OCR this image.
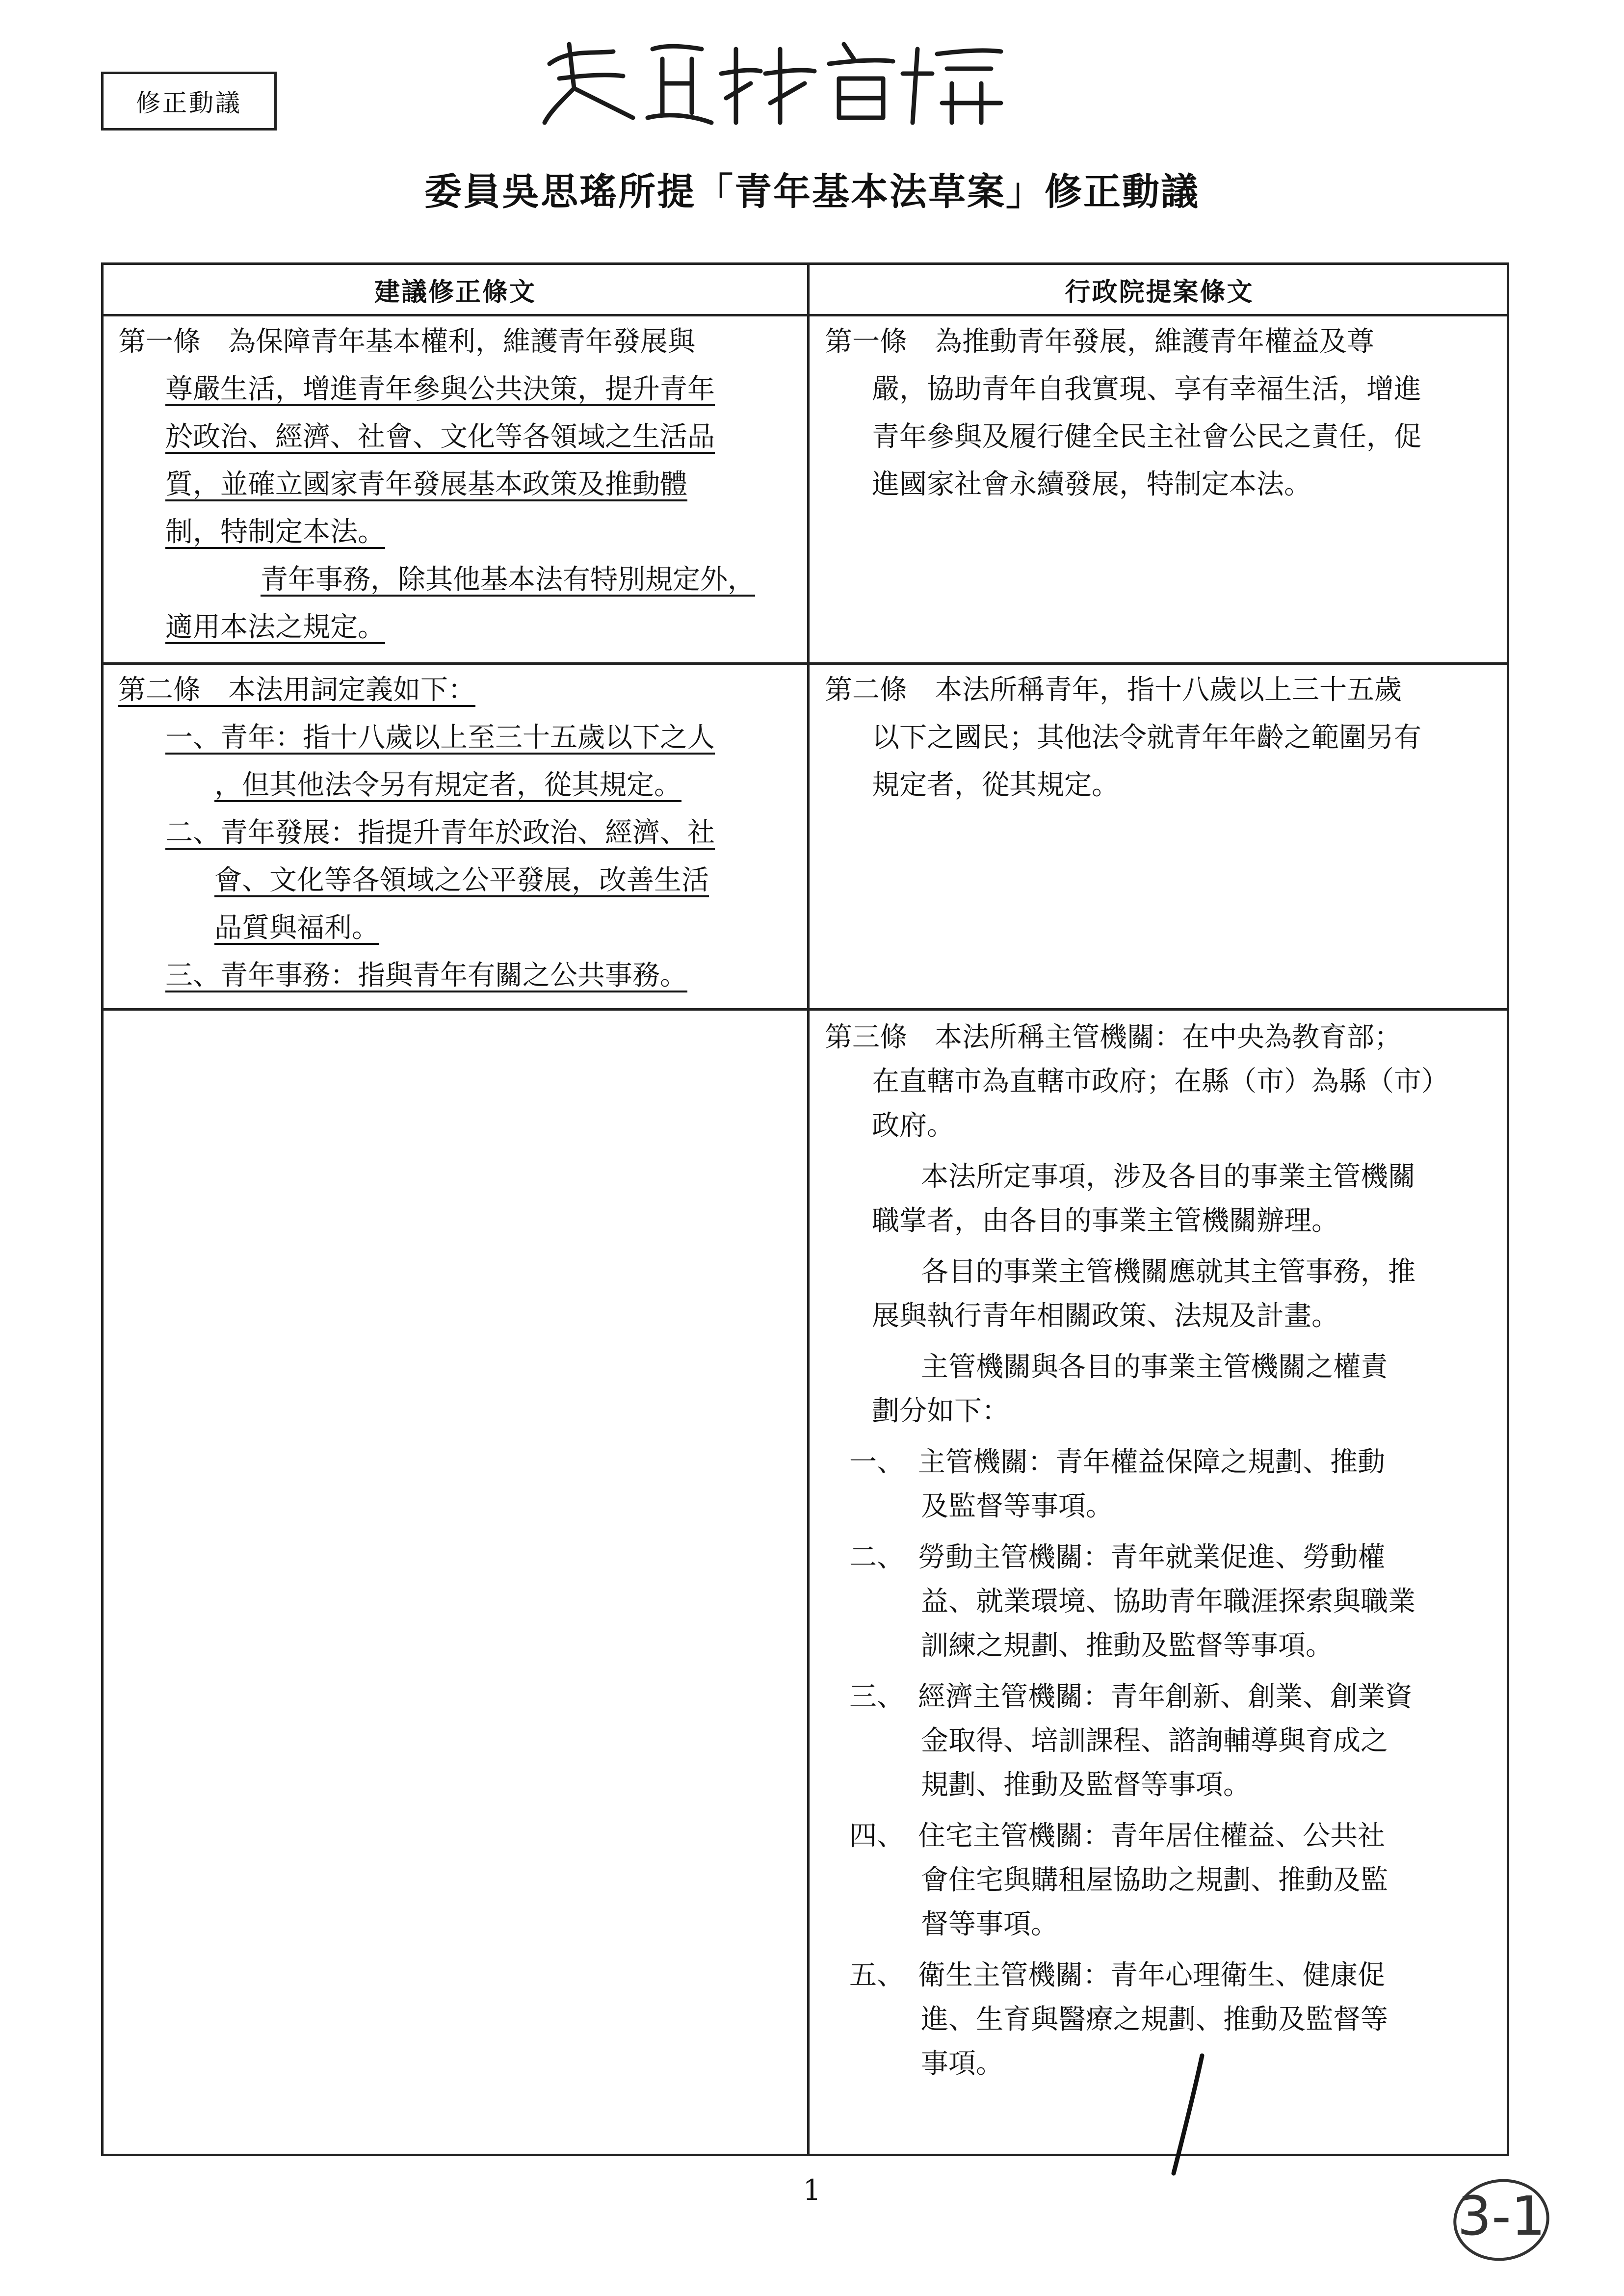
修正動議
委員吳思瑤所提「青年基本法草案」修正動議
建議修正條文	行政院提案條文
第一條　為保障青年基本權利，維護青年發展與
尊嚴生活，增進青年參與公共決策，提升青年
於政治、經濟、社會、文化等各領域之生活品
質，並確立國家青年發展基本政策及推動體
制，特制定本法。
青年事務，除其他基本法有特別規定外，
適用本法之規定。
第一條　為推動青年發展，維護青年權益及尊
嚴，協助青年自我實現、享有幸福生活，增進
青年參與及履行健全民主社會公民之責任，促
進國家社會永續發展，特制定本法。
第二條　本法用詞定義如下：
一、青年：指十八歲以上至三十五歲以下之人
，但其他法令另有規定者，從其規定。
二、青年發展：指提升青年於政治、經濟、社
會、文化等各領域之公平發展，改善生活
品質與福利。
三、青年事務：指與青年有關之公共事務。
第二條　本法所稱青年，指十八歲以上三十五歲
以下之國民；其他法令就青年年齡之範圍另有
規定者，從其規定。
第三條　本法所稱主管機關：在中央為教育部；
在直轄市為直轄市政府；在縣（市）為縣（市）
政府。
本法所定事項，涉及各目的事業主管機關
職掌者，由各目的事業主管機關辦理。
各目的事業主管機關應就其主管事務，推
展與執行青年相關政策、法規及計畫。
主管機關與各目的事業主管機關之權責
劃分如下：
一、　主管機關：青年權益保障之規劃、推動
及監督等事項。
二、　勞動主管機關：青年就業促進、勞動權
益、就業環境、協助青年職涯探索與職業
訓練之規劃、推動及監督等事項。
三、　經濟主管機關：青年創新、創業、創業資
金取得、培訓課程、諮詢輔導與育成之
規劃、推動及監督等事項。
四、　住宅主管機關：青年居住權益、公共社
會住宅與購租屋協助之規劃、推動及監
督等事項。
五、　衛生主管機關：青年心理衛生、健康促
進、生育與醫療之規劃、推動及監督等
事項。
1	3-1
